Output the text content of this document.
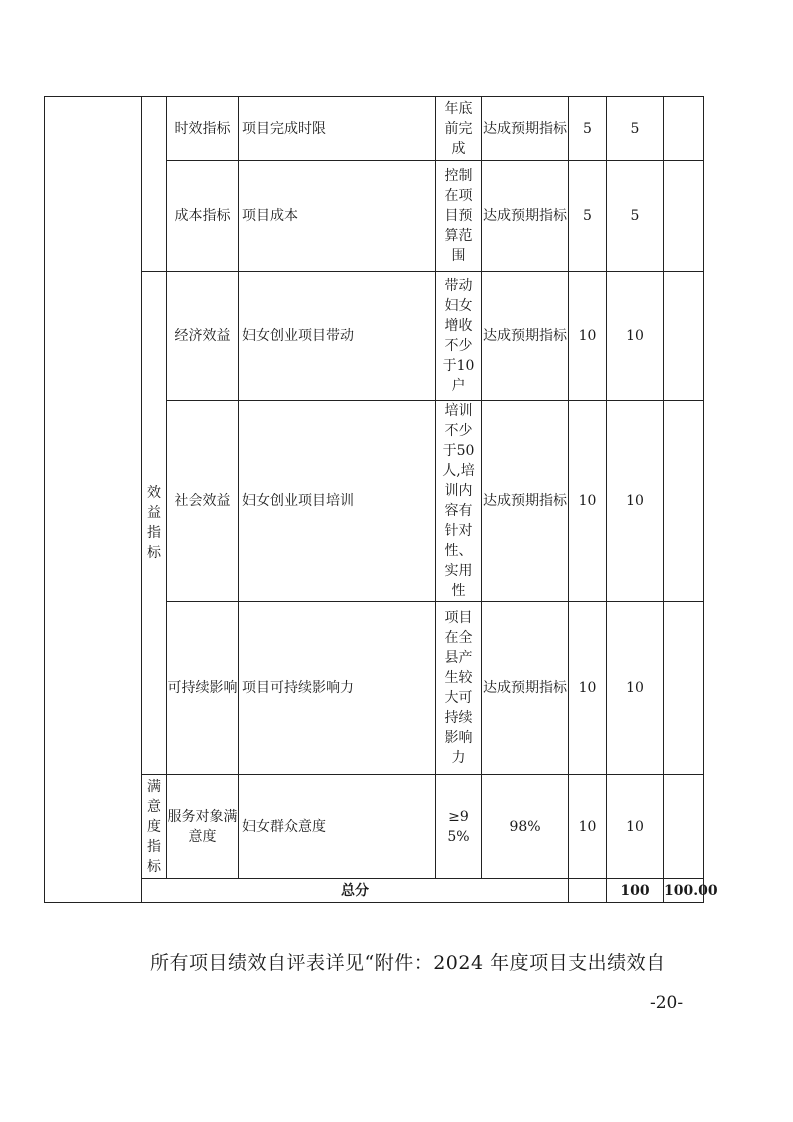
		时效指标	项目完成时限	年底前完成	达成预期指标	5	5		
		成本指标	项目成本	控制在项目预算范围	达成预期指标	5	5		
	效益指标	经济效益	妇女创业项目带动	带动妇女增收不少于10户	达成预期指标	10	10		
		社会效益	妇女创业项目培训	培训不少于50人,培训内容有针对性、实用性	达成预期指标	10	10		
		可持续影响	项目可持续影响力	项目在全县产生较大可持续影响力	达成预期指标	10	10		
	满意度指标	服务对象满意度	妇女群众意度	≥95%	98%	10	10		
	总分						100	100.00	
所有项目绩效自评表详见“附件：2024 年度项目支出绩效自
-20-
